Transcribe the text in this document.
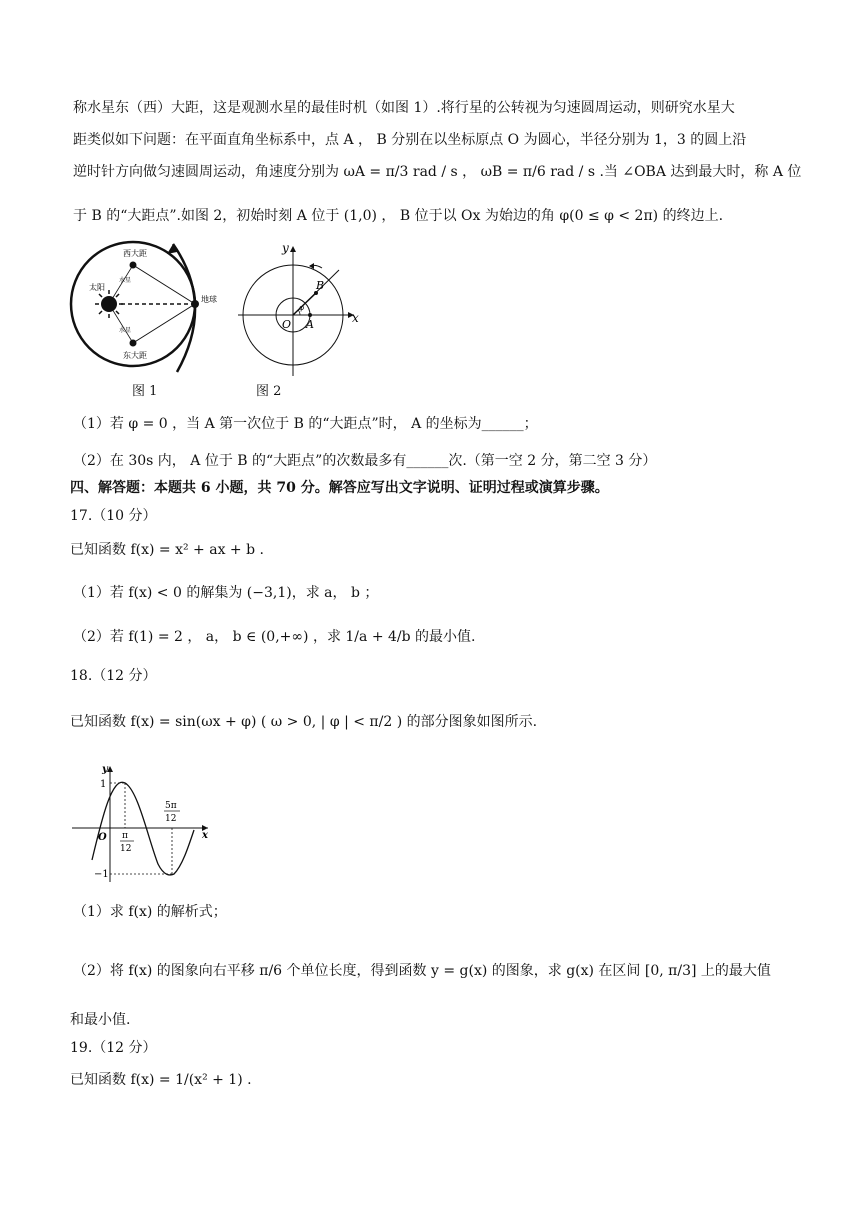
称水星东（西）大距，这是观测水星的最佳时机（如图 1）.将行星的公转视为匀速圆周运动，则研究水星大
距类似如下问题：在平面直角坐标系中，点 A ， B 分别在以坐标原点 O 为圆心，半径分别为 1，3 的圆上沿
逆时针方向做匀速圆周运动，角速度分别为 ωA = π/3 rad / s ， ωB = π/6 rad / s .当 ∠OBA 达到最大时，称 A 位
于 B 的“大距点”.如图 2，初始时刻 A 位于 (1,0) ， B 位于以 Ox 为始边的角 φ(0 ≤ φ < 2π) 的终边上.
西大距
东大距
太阳
水星
水星
地球
图 1
y
x
O A
B
φ
图 2
（1）若 φ = 0 ，当 A 第一次位于 B 的“大距点”时， A 的坐标为______；
（2）在 30s 内， A 位于 B 的“大距点”的次数最多有______次.（第一空 2 分，第二空 3 分）
四、解答题：本题共 6 小题，共 70 分。解答应写出文字说明、证明过程或演算步骤。
17.（10 分）
已知函数 f(x) = x² + ax + b .
（1）若 f(x) < 0 的解集为 (−3,1)，求 a， b ；
（2）若 f(1) = 2 ， a， b ∈ (0,+∞) ，求 1/a + 4/b 的最小值.
18.（12 分）
已知函数 f(x) = sin(ωx + φ) ( ω > 0, | φ | < π/2 ) 的部分图象如图所示.
y
x
O
1
−1
π
12
5π
12
（1）求 f(x) 的解析式；
（2）将 f(x) 的图象向右平移 π/6 个单位长度，得到函数 y = g(x) 的图象，求 g(x) 在区间 [0, π/3] 上的最大值
和最小值.
19.（12 分）
已知函数 f(x) = 1/(x² + 1) .
